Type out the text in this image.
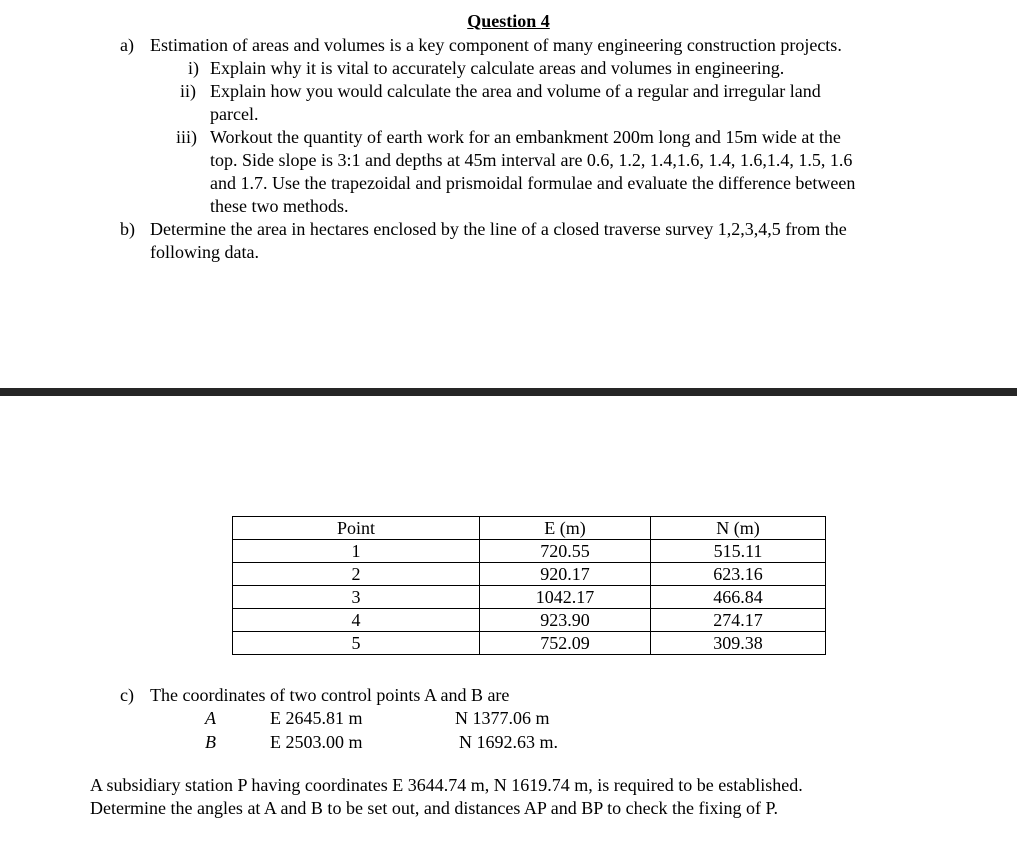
Question 4
a) Estimation of areas and volumes is a key component of many engineering construction projects.
i) Explain why it is vital to accurately calculate areas and volumes in engineering.
ii) Explain how you would calculate the area and volume of a regular and irregular land
parcel.
iii) Workout the quantity of earth work for an embankment 200m long and 15m wide at the
top. Side slope is 3:1 and depths at 45m interval are 0.6, 1.2, 1.4,1.6, 1.4, 1.6,1.4, 1.5, 1.6
and 1.7. Use the trapezoidal and prismoidal formulae and evaluate the difference between
these two methods.
b) Determine the area in hectares enclosed by the line of a closed traverse survey 1,2,3,4,5 from the
following data.
Point	E (m)	N (m)
1	720.55	515.11
2	920.17	623.16
3	1042.17	466.84
4	923.90	274.17
5	752.09	309.38
c) The coordinates of two control points A and B are
A	E 2645.81 m	N 1377.06 m
B	E 2503.00 m	N 1692.63 m.
A subsidiary station P having coordinates E 3644.74 m, N 1619.74 m, is required to be established.
Determine the angles at A and B to be set out, and distances AP and BP to check the fixing of P.
